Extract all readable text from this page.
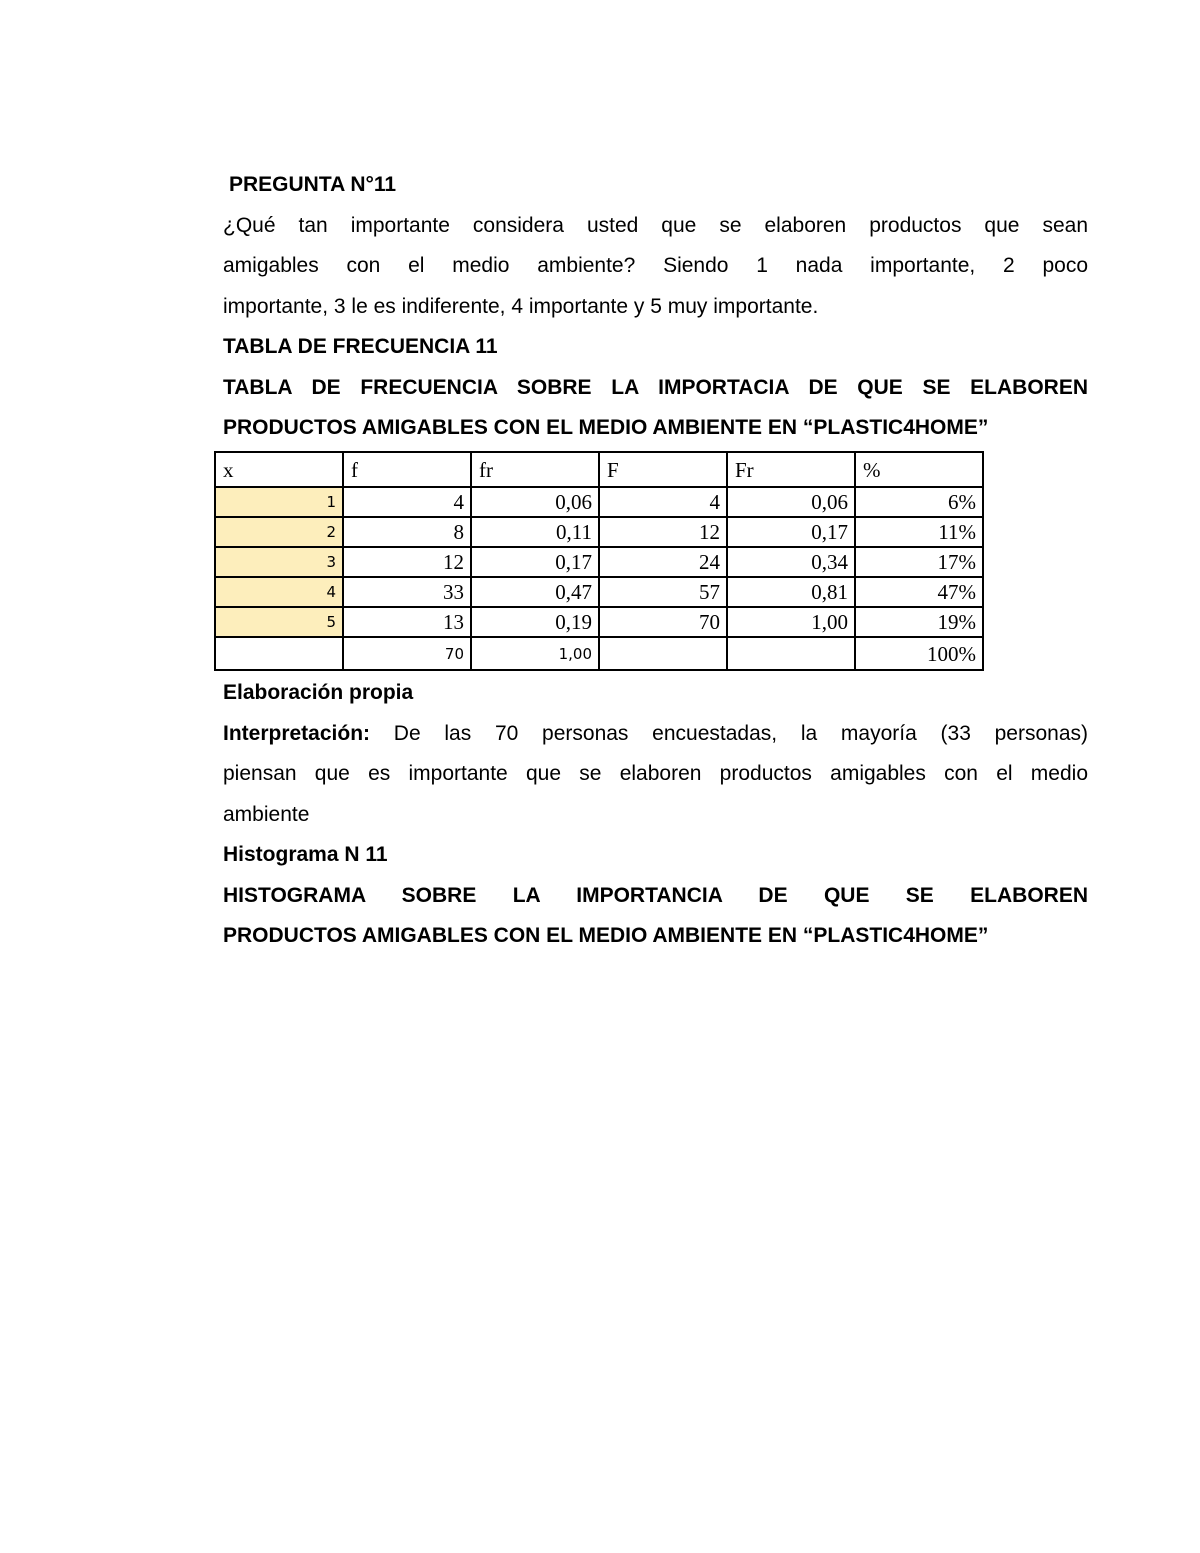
PREGUNTA N°11

¿Qué tan importante considera usted que se elaboren productos que sean

amigables con el medio ambiente? Siendo 1 nada importante, 2 poco

importante, 3 le es indiferente, 4 importante y 5 muy importante.

TABLA DE FRECUENCIA 11

TABLA DE FRECUENCIA SOBRE LA IMPORTACIA DE QUE SE ELABOREN

PRODUCTOS AMIGABLES CON EL MEDIO AMBIENTE EN “PLASTIC4HOME”

x	f	fr	F	Fr	%
1	4	0,06	4	0,06	6%
2	8	0,11	12	0,17	11%
3	12	0,17	24	0,34	17%
4	33	0,47	57	0,81	47%
5	13	0,19	70	1,00	19%
	70	1,00			100%

Elaboración propia

Interpretación: De las 70 personas encuestadas, la mayoría (33 personas)

piensan que es importante que se elaboren productos amigables con el medio

ambiente

Histograma N 11

HISTOGRAMA SOBRE LA IMPORTANCIA DE QUE SE ELABOREN

PRODUCTOS AMIGABLES CON EL MEDIO AMBIENTE EN “PLASTIC4HOME”
